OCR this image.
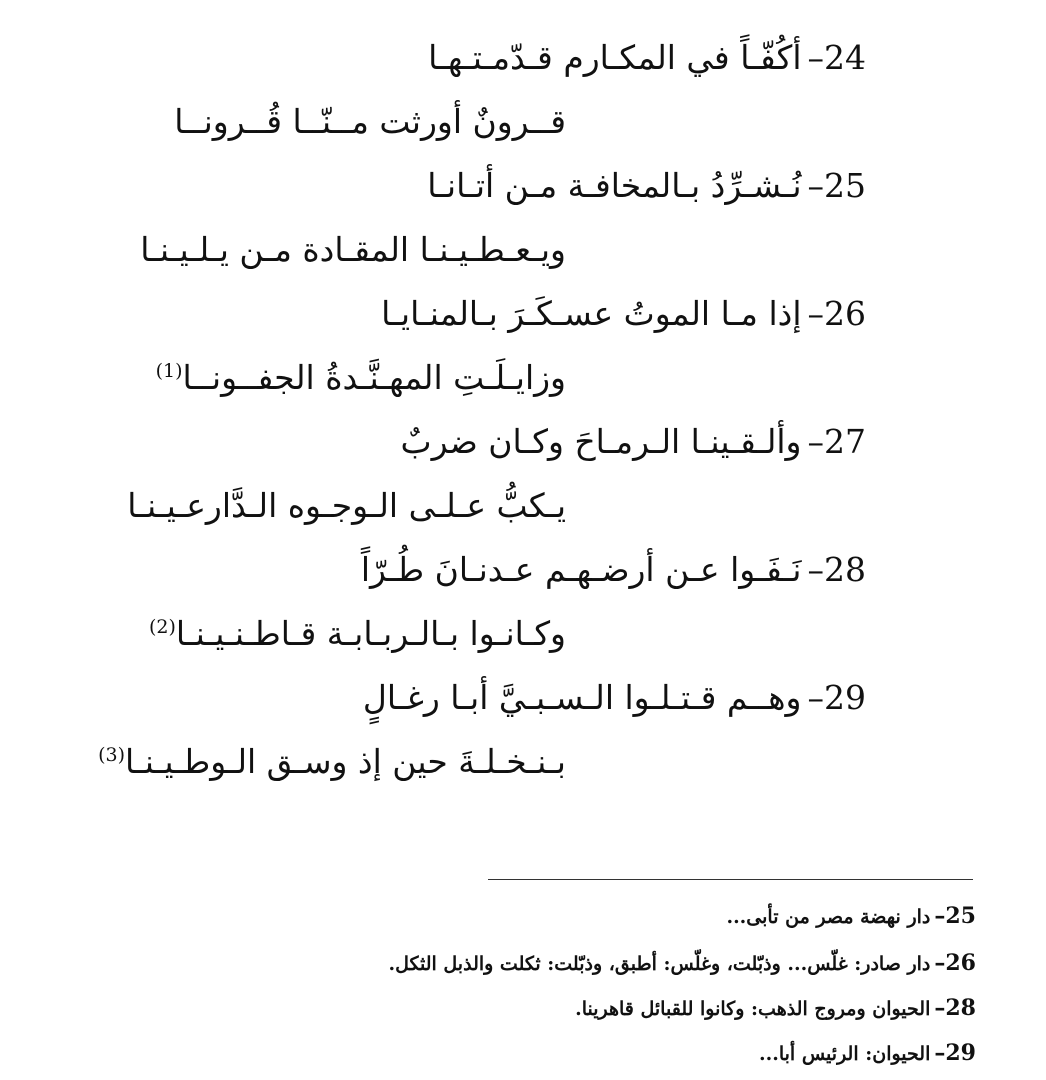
24–أكُفّـاً في المكـارم قـدّمـتـهـا
قــرونٌ أورثت مــنّــا قُــرونــا
25–نُـشـرِّدُ بـالمخافـة مـن أتـانـا
ويـعـطـيـنـا المقـادة مـن يـلـيـنـا
26–إذا مـا الموتُ عسـكَـرَ بـالمنـايـا
وزايـلَـتِ المهـنَّـدةُ الجفــونــا$^{(1)}$
27–وألـقـينـا الـرمـاحَ وكـان ضربٌ
يـكبُّ عـلـى الـوجـوه الـدَّارعـيـنـا
28–نَـفَـوا عـن أرضـهـم عـدنـانَ طُـرّاً
وكـانـوا بـالـربـابـة قـاطـنـيـنـا$^{(2)}$
29–وهــم قـتـلـوا الـسـبـيَّ أبـا رغـالٍ
بـنـخـلـةَ حين إذ وسـق الـوطـيـنـا$^{(3)}$
25–دار نهضة مصر من تأبى...
26–دار صادر: غلّس... وذبّلت، وغلّس: أطبق، وذبّلت: ثكلت والذبل الثكل.
28–الحيوان ومروج الذهب: وكانوا للقبائل قاهرينا.
29–الحيوان: الرئيس أبا...
